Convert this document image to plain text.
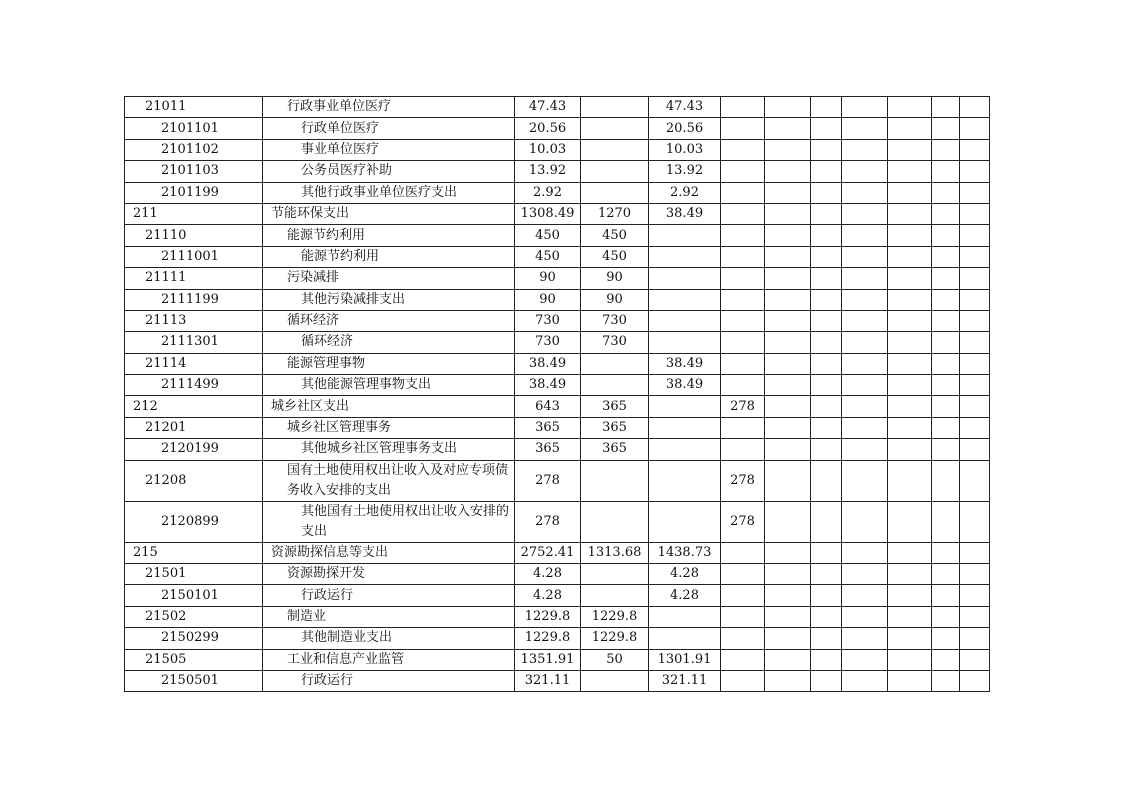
21011	行政事业单位医疗	47.43		47.43							
2101101	行政单位医疗	20.56		20.56							
2101102	事业单位医疗	10.03		10.03							
2101103	公务员医疗补助	13.92		13.92							
2101199	其他行政事业单位医疗支出	2.92		2.92							
211	节能环保支出	1308.49	1270	38.49							
21110	能源节约利用	450	450								
2111001	能源节约利用	450	450								
21111	污染减排	90	90								
2111199	其他污染减排支出	90	90								
21113	循环经济	730	730								
2111301	循环经济	730	730								
21114	能源管理事物	38.49		38.49							
2111499	其他能源管理事物支出	38.49		38.49							
212	城乡社区支出	643	365		278						
21201	城乡社区管理事务	365	365								
2120199	其他城乡社区管理事务支出	365	365								
21208	国有土地使用权出让收入及对应专项债务收入安排的支出	278			278						
2120899	其他国有土地使用权出让收入安排的支出	278			278						
215	资源勘探信息等支出	2752.41	1313.68	1438.73							
21501	资源勘探开发	4.28		4.28							
2150101	行政运行	4.28		4.28							
21502	制造业	1229.8	1229.8								
2150299	其他制造业支出	1229.8	1229.8								
21505	工业和信息产业监管	1351.91	50	1301.91							
2150501	行政运行	321.11		321.11							
